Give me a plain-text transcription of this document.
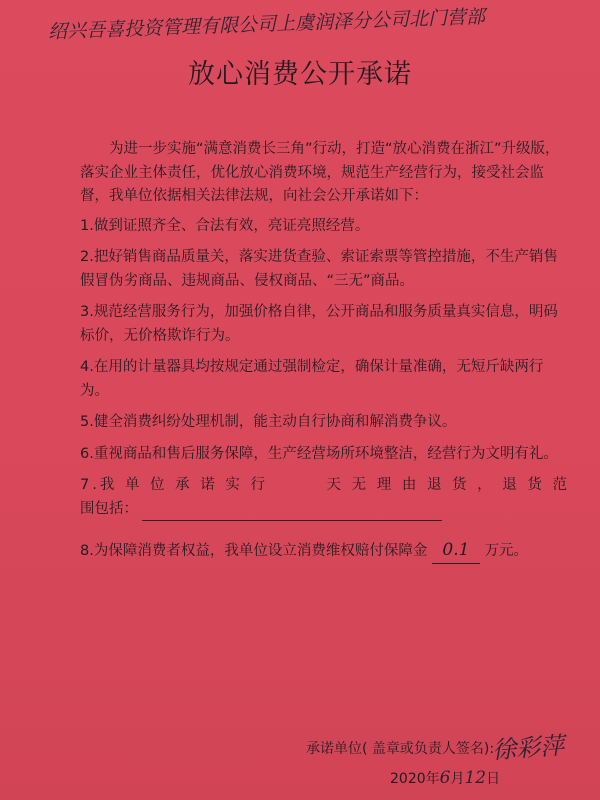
绍兴吾喜投资管理有限公司上虞润泽分公司北门营部
放心消费公开承诺

为进一步实施“满意消费长三角”行动，打造“放心消费在浙江”升级版，落实企业主体责任，优化放心消费环境，规范生产经营行为，接受社会监督，我单位依据相关法律法规，向社会公开承诺如下：

1.做到证照齐全、合法有效，亮证亮照经营。

2.把好销售商品质量关，落实进货查验、索证索票等管控措施，不生产销售假冒伪劣商品、违规商品、侵权商品、“三无”商品。

3.规范经营服务行为，加强价格自律，公开商品和服务质量真实信息，明码标价，无价格欺诈行为。

4.在用的计量器具均按规定通过强制检定，确保计量准确，无短斤缺两行为。

5.健全消费纠纷处理机制，能主动自行协商和解消费争议。

6.重视商品和售后服务保障，生产经营场所环境整洁，经营行为文明有礼。

7.我 单 位 承 诺 实 行	天 无 理 由 退 货 ， 退 货 范
围包括：
8.为保障消费者权益，我单位设立消费维权赔付保障金 0.1 万元。
承诺单位( 盖章或负责人签名):
徐彩萍
2020年6月12日
